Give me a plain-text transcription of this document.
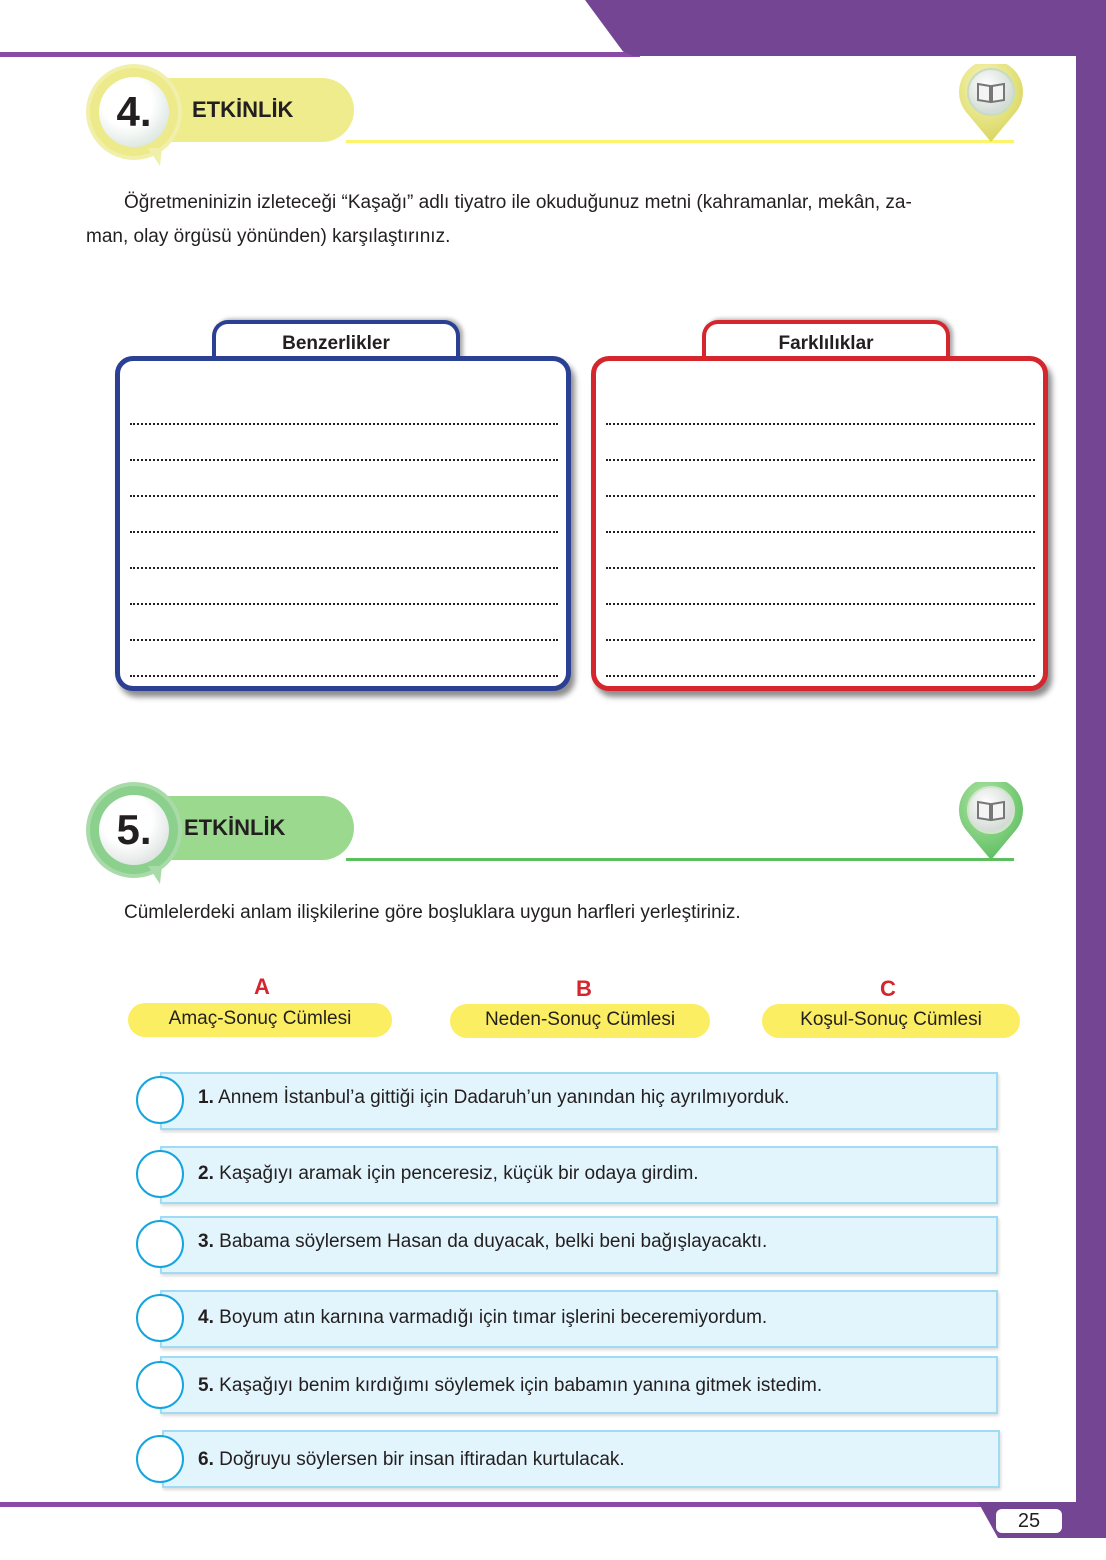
25
4.	ETKİNLİK
Öğretmeninizin izleteceği “Kaşağı” adlı tiyatro ile okuduğunuz metni (kahramanlar, mekân, za-
man, olay örgüsü yönünden) karşılaştırınız.
Benzerlikler	Farklılıklar
5.	ETKİNLİK
Cümlelerdeki anlam ilişkilerine göre boşluklara uygun harfleri yerleştiriniz.
A
Amaç-Sonuç Cümlesi
B
Neden-Sonuç Cümlesi
C
Koşul-Sonuç Cümlesi
1. Annem İstanbul’a gittiği için Dadaruh’un yanından hiç ayrılmıyorduk.
2. Kaşağıyı aramak için penceresiz, küçük bir odaya girdim.
3. Babama söylersem Hasan da duyacak, belki beni bağışlayacaktı.
4. Boyum atın karnına varmadığı için tımar işlerini beceremiyordum.
5. Kaşağıyı benim kırdığımı söylemek için babamın yanına gitmek istedim.
6. Doğruyu söylersen bir insan iftiradan kurtulacak.
